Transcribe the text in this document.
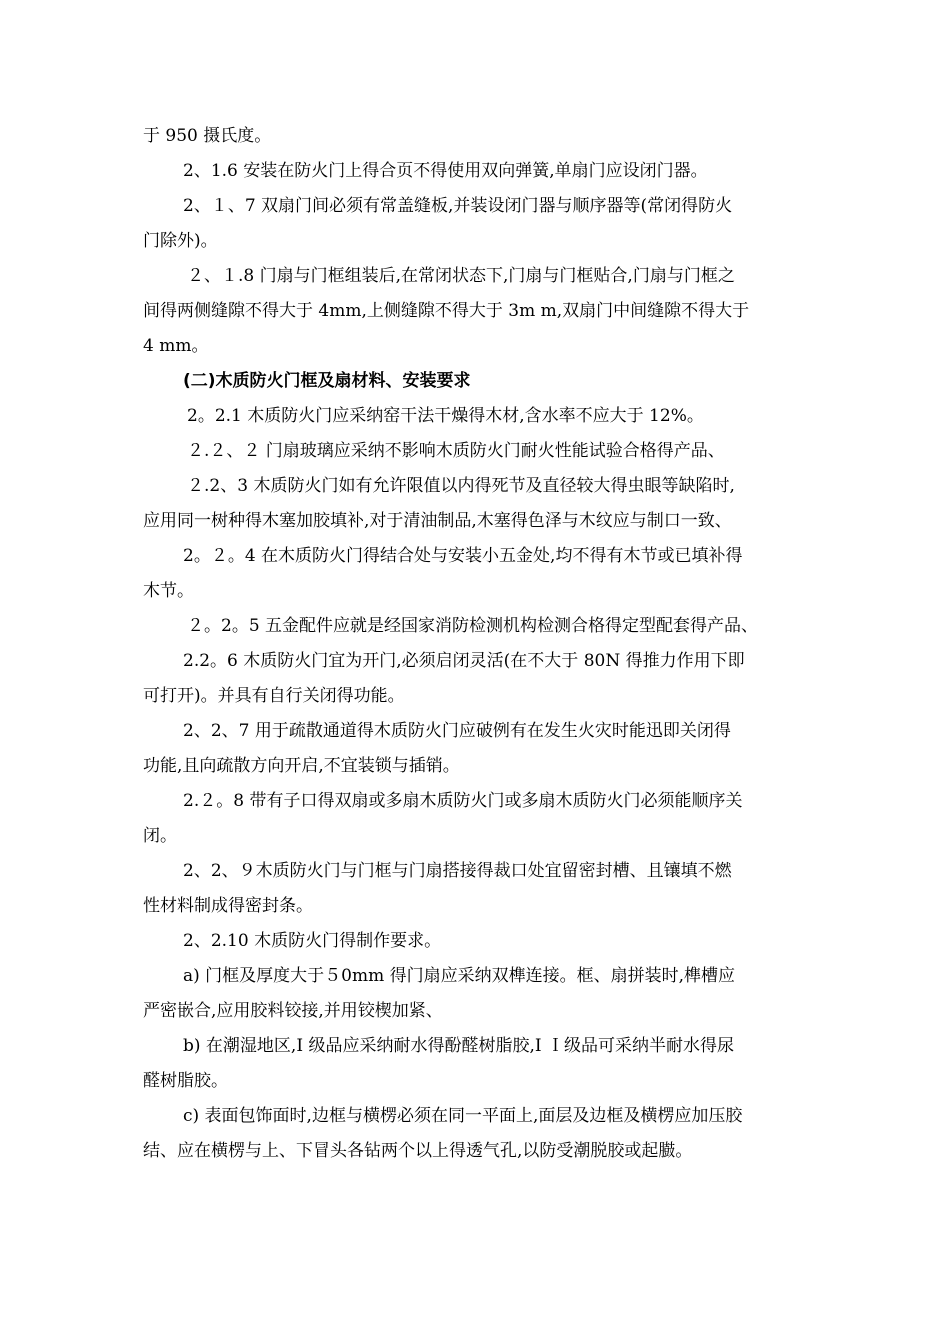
于 950 摄氏度。

2、1.6 安装在防火门上得合页不得使用双向弹簧,单扇门应设闭门器。

2、１、7 双扇门间必须有常盖缝板,并装设闭门器与顺序器等(常闭得防火
门除外)。

２、１.8 门扇与门框组装后,在常闭状态下,门扇与门框贴合,门扇与门框之
间得两侧缝隙不得大于 4mm,上侧缝隙不得大于 3m m,双扇门中间缝隙不得大于
4 mm。

(二)木质防火门框及扇材料、安装要求

2。2.1 木质防火门应采纳窑干法干燥得木材,含水率不应大于 12%。

２.２、２ 门扇玻璃应采纳不影响木质防火门耐火性能试验合格得产品、

２.2、3 木质防火门如有允许限值以内得死节及直径较大得虫眼等缺陷时,
应用同一树种得木塞加胶填补,对于清油制品,木塞得色泽与木纹应与制口一致、

2。２。4 在木质防火门得结合处与安装小五金处,均不得有木节或已填补得
木节。

２。2。5 五金配件应就是经国家消防检测机构检测合格得定型配套得产品、

2.2。6 木质防火门宜为开门,必须启闭灵活(在不大于 80N 得推力作用下即
可打开)。并具有自行关闭得功能。

2、2、7 用于疏散通道得木质防火门应破例有在发生火灾时能迅即关闭得
功能,且向疏散方向开启,不宜装锁与插销。

2.２。8 带有子口得双扇或多扇木质防火门或多扇木质防火门必须能顺序关
闭。

2、2、９木质防火门与门框与门扇搭接得裁口处宜留密封槽、且镶填不燃
性材料制成得密封条。

2、2.10 木质防火门得制作要求。

a) 门框及厚度大于５0mm 得门扇应采纳双榫连接。框、扇拼装时,榫槽应
严密嵌合,应用胶料铰接,并用铰楔加紧、

b) 在潮湿地区,I 级品应采纳耐水得酚醛树脂胶,I Ｉ级品可采纳半耐水得尿
醛树脂胶。

c) 表面包饰面时,边框与横楞必须在同一平面上,面层及边框及横楞应加压胶
结、应在横楞与上、下冒头各钻两个以上得透气孔,以防受潮脱胶或起臌。
